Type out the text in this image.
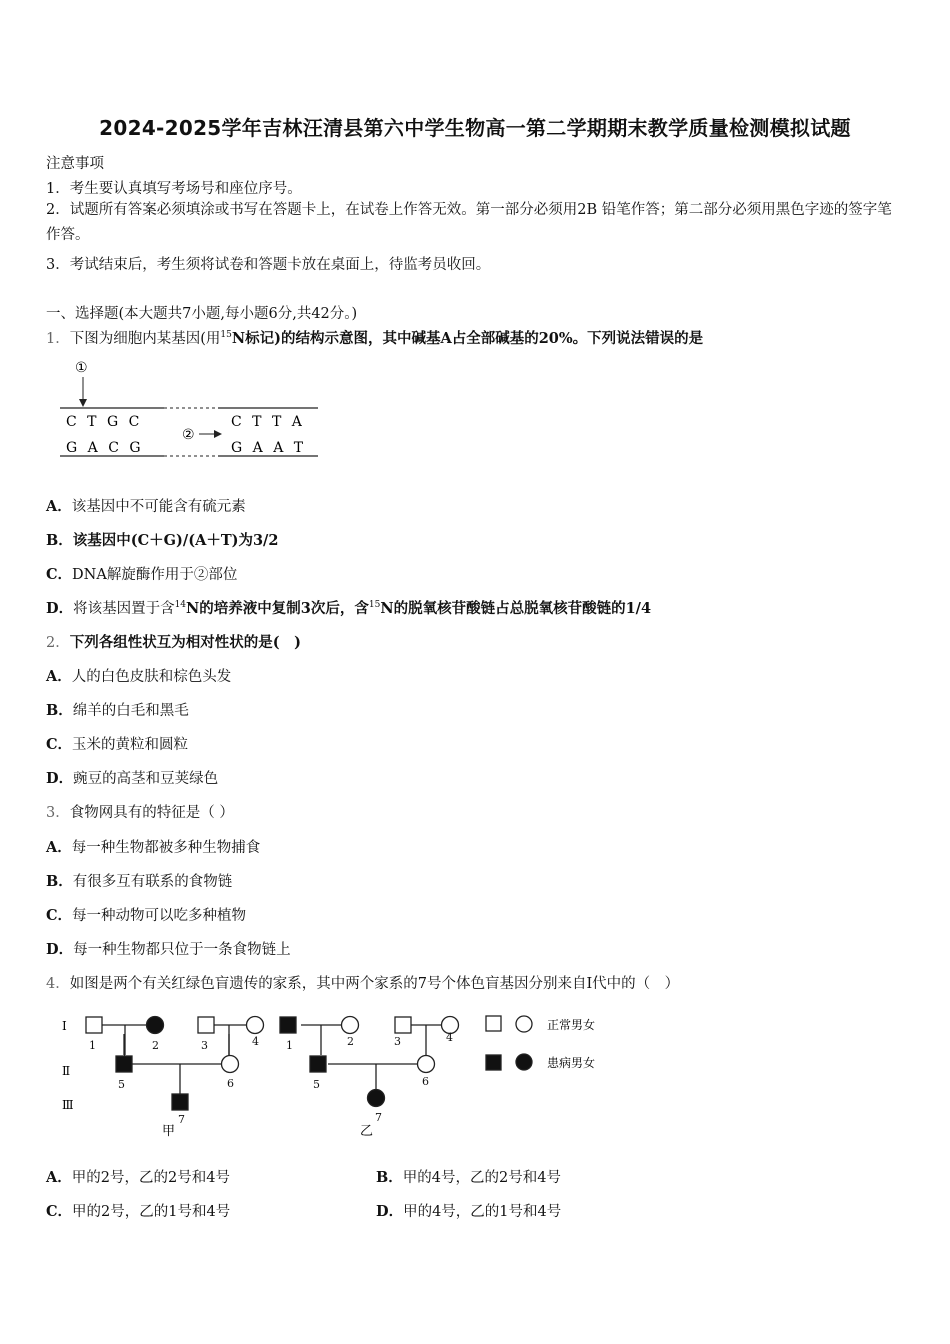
2024-2025学年吉林汪清县第六中学生物高一第二学期期末教学质量检测模拟试题
注意事项
1．考生要认真填写考场号和座位序号。
2．试题所有答案必须填涂或书写在答题卡上，在试卷上作答无效。第一部分必须用2B 铅笔作答；第二部分必须用黑色字迹的签字笔作答。
3．考试结束后，考生须将试卷和答题卡放在桌面上，待监考员收回。
一、选择题(本大题共7小题,每小题6分,共42分。)
1．下图为细胞内某基因(用$^{15}$N标记)的结构示意图，其中碱基A占全部碱基的20%。下列说法错误的是
①
C T G C	C T T A
②
G A C G	G A A T
A．该基因中不可能含有硫元素
B．该基因中(C＋G)/(A＋T)为3/2
C．DNA解旋酶作用于②部位
D．将该基因置于含$^{14}$N的培养液中复制3次后，含$^{15}$N的脱氧核苷酸链占总脱氧核苷酸链的1/4
2．下列各组性状互为相对性状的是(　)
A．人的白色皮肤和棕色头发
B．绵羊的白毛和黑毛
C．玉米的黄粒和圆粒
D．豌豆的高茎和豆荚绿色
3．食物网具有的特征是（ ）
A．每一种生物都被多种生物捕食
B．有很多互有联系的食物链
C．每一种动物可以吃多种植物
D．每一种生物都只位于一条食物链上
4．如图是两个有关红绿色盲遗传的家系，其中两个家系的7号个体色盲基因分别来自I代中的（　）
Ⅰ
Ⅱ
Ⅲ
1	2	3	4
5	6
7
甲
1	2	3	4
5	6
7
乙
正常男女
患病男女
A．甲的2号，乙的2号和4号	B．甲的4号，乙的2号和4号
C．甲的2号，乙的1号和4号	D．甲的4号，乙的1号和4号
